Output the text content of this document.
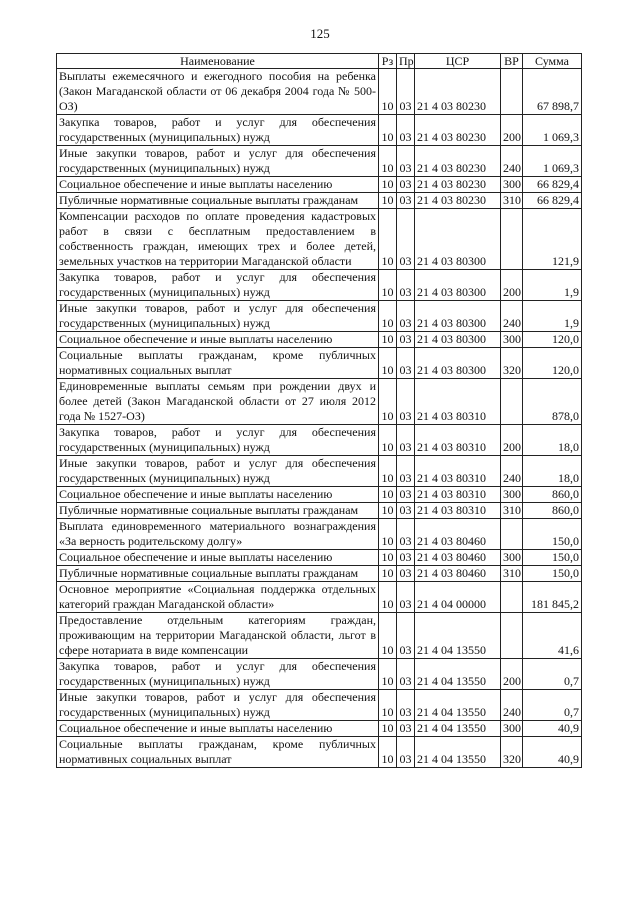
125
Наименование	Рз	Пр	ЦСР	ВР	Сумма
Выплаты ежемесячного и ежегодного пособия на ребенка (Закон Магаданской области от 06 декабря 2004 года № 500-ОЗ)	10	03	21 4 03 80230		67 898,7
Закупка товаров, работ и услуг для обеспечения государственных (муниципальных) нужд	10	03	21 4 03 80230	200	1 069,3
Иные закупки товаров, работ и услуг для обеспечения государственных (муниципальных) нужд	10	03	21 4 03 80230	240	1 069,3
Социальное обеспечение и иные выплаты населению	10	03	21 4 03 80230	300	66 829,4
Публичные нормативные социальные выплаты гражданам	10	03	21 4 03 80230	310	66 829,4
Компенсации расходов по оплате проведения кадастровых работ в связи с бесплатным предоставлением в собственность граждан, имеющих трех и более детей, земельных участков на территории Магаданской области	10	03	21 4 03 80300		121,9
Закупка товаров, работ и услуг для обеспечения государственных (муниципальных) нужд	10	03	21 4 03 80300	200	1,9
Иные закупки товаров, работ и услуг для обеспечения государственных (муниципальных) нужд	10	03	21 4 03 80300	240	1,9
Социальное обеспечение и иные выплаты населению	10	03	21 4 03 80300	300	120,0
Социальные выплаты гражданам, кроме публичных нормативных социальных выплат	10	03	21 4 03 80300	320	120,0
Единовременные выплаты семьям при рождении двух и более детей (Закон Магаданской области от 27 июля 2012 года № 1527-ОЗ)	10	03	21 4 03 80310		878,0
Закупка товаров, работ и услуг для обеспечения государственных (муниципальных) нужд	10	03	21 4 03 80310	200	18,0
Иные закупки товаров, работ и услуг для обеспечения государственных (муниципальных) нужд	10	03	21 4 03 80310	240	18,0
Социальное обеспечение и иные выплаты населению	10	03	21 4 03 80310	300	860,0
Публичные нормативные социальные выплаты гражданам	10	03	21 4 03 80310	310	860,0
Выплата единовременного материального вознаграждения «За верность родительскому долгу»	10	03	21 4 03 80460		150,0
Социальное обеспечение и иные выплаты населению	10	03	21 4 03 80460	300	150,0
Публичные нормативные социальные выплаты гражданам	10	03	21 4 03 80460	310	150,0
Основное мероприятие «Социальная поддержка отдельных категорий граждан Магаданской области»	10	03	21 4 04 00000		181 845,2
Предоставление отдельным категориям граждан, проживающим на территории Магаданской области, льгот в сфере нотариата в виде компенсации	10	03	21 4 04 13550		41,6
Закупка товаров, работ и услуг для обеспечения государственных (муниципальных) нужд	10	03	21 4 04 13550	200	0,7
Иные закупки товаров, работ и услуг для обеспечения государственных (муниципальных) нужд	10	03	21 4 04 13550	240	0,7
Социальное обеспечение и иные выплаты населению	10	03	21 4 04 13550	300	40,9
Социальные выплаты гражданам, кроме публичных нормативных социальных выплат	10	03	21 4 04 13550	320	40,9
